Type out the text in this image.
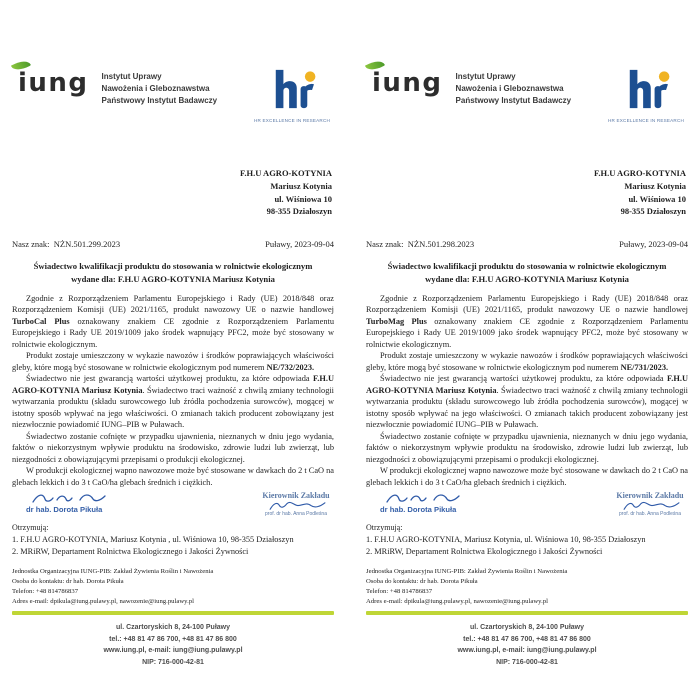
iung Instytut Uprawy
Nawożenia i Gleboznawstwa
Państwowy Instytut Badawczy
HR EXCELLENCE IN RESEARCH
F.H.U AGRO-KOTYNIA
Mariusz Kotynia
ul. Wiśniowa 10
98-355 Działoszyn
Nasz znak: NŻN.501.299.2023	Puławy, 2023-09-04
Świadectwo kwalifikacji produktu do stosowania w rolnictwie ekologicznym
wydane dla: F.H.U AGRO-KOTYNIA Mariusz Kotynia

Zgodnie z Rozporządzeniem Parlamentu Europejskiego i Rady (UE) 2018/848 oraz Rozporządzeniem Komisji (UE) 2021/1165, produkt nawozowy UE o nazwie handlowej TurboCal Plus oznakowany znakiem CE zgodnie z Rozporządzeniem Parlamentu Europejskiego i Rady UE 2019/1009 jako środek wapnujący PFC2, może być stosowany w rolnictwie ekologicznym.

Produkt zostaje umieszczony w wykazie nawozów i środków poprawiających właściwości gleby, które mogą być stosowane w rolnictwie ekologicznym pod numerem NE/732/2023.

Świadectwo nie jest gwarancją wartości użytkowej produktu, za które odpowiada F.H.U AGRO-KOTYNIA Mariusz Kotynia. Świadectwo traci ważność z chwilą zmiany technologii wytwarzania produktu (składu surowcowego lub źródła pochodzenia surowców), mogącej w istotny sposób wpływać na jego właściwości. O zmianach takich producent zobowiązany jest niezwłocznie powiadomić IUNG–PIB w Puławach.

Świadectwo zostanie cofnięte w przypadku ujawnienia, nieznanych w dniu jego wydania, faktów o niekorzystnym wpływie produktu na środowisko, zdrowie ludzi lub zwierząt, lub niezgodności z obowiązującymi przepisami o produkcji ekologicznej.

W produkcji ekologicznej wapno nawozowe może być stosowane w dawkach do 2 t CaO na glebach lekkich i do 3 t CaO/ha glebach średnich i ciężkich.

dr hab. Dorota Pikuła
Kierownik Zakładu
prof. dr hab. Anna Podleśna
Otrzymują:
1. F.H.U AGRO-KOTYNIA, Mariusz Kotynia , ul. Wiśniowa 10, 98-355 Działoszyn
2. MRiRW, Departament Rolnictwa Ekologicznego i Jakości Żywności
Jednostka Organizacyjna IUNG-PIB: Zakład Żywienia Roślin i Nawożenia
Osoba do kontaktu: dr hab. Dorota Pikuła
Telefon: +48 814786837
Adres e-mail: dpikula@iung.pulawy.pl, nawozenie@iung.pulawy.pl
ul. Czartoryskich 8, 24-100 Puławy
tel.: +48 81 47 86 700, +48 81 47 86 800
www.iung.pl, e-mail: iung@iung.pulawy.pl
NIP: 716-000-42-81
iung Instytut Uprawy
Nawożenia i Gleboznawstwa
Państwowy Instytut Badawczy
HR EXCELLENCE IN RESEARCH
F.H.U AGRO-KOTYNIA
Mariusz Kotynia
ul. Wiśniowa 10
98-355 Działoszyn
Nasz znak: NŻN.501.298.2023	Puławy, 2023-09-04
Świadectwo kwalifikacji produktu do stosowania w rolnictwie ekologicznym
wydane dla: F.H.U AGRO-KOTYNIA Mariusz Kotynia

Zgodnie z Rozporządzeniem Parlamentu Europejskiego i Rady (UE) 2018/848 oraz Rozporządzeniem Komisji (UE) 2021/1165, produkt nawozowy UE o nazwie handlowej TurboMag Plus oznakowany znakiem CE zgodnie z Rozporządzeniem Parlamentu Europejskiego i Rady UE 2019/1009 jako środek wapnujący PFC2, może być stosowany w rolnictwie ekologicznym.

Produkt zostaje umieszczony w wykazie nawozów i środków poprawiających właściwości gleby, które mogą być stosowane w rolnictwie ekologicznym pod numerem NE/731/2023.

Świadectwo nie jest gwarancją wartości użytkowej produktu, za które odpowiada F.H.U AGRO-KOTYNIA Mariusz Kotynia. Świadectwo traci ważność z chwilą zmiany technologii wytwarzania produktu (składu surowcowego lub źródła pochodzenia surowców), mogącej w istotny sposób wpływać na jego właściwości. O zmianach takich producent zobowiązany jest niezwłocznie powiadomić IUNG–PIB w Puławach.

Świadectwo zostanie cofnięte w przypadku ujawnienia, nieznanych w dniu jego wydania, faktów o niekorzystnym wpływie produktu na środowisko, zdrowie ludzi lub zwierząt, lub niezgodności z obowiązującymi przepisami o produkcji ekologicznej.

W produkcji ekologicznej wapno nawozowe może być stosowane w dawkach do 2 t CaO na glebach lekkich i do 3 t CaO/ha glebach średnich i ciężkich.

dr hab. Dorota Pikuła
Kierownik Zakładu
prof. dr hab. Anna Podleśna
Otrzymują:
1. F.H.U AGRO-KOTYNIA, Mariusz Kotynia, ul. Wiśniowa 10, 98-355 Działoszyn
2. MRiRW, Departament Rolnictwa Ekologicznego i Jakości Żywności
Jednostka Organizacyjna IUNG-PIB: Zakład Żywienia Roślin i Nawożenia
Osoba do kontaktu: dr hab. Dorota Pikuła
Telefon: +48 814786837
Adres e-mail: dpikula@iung.pulawy.pl, nawozenie@iung.pulawy.pl
ul. Czartoryskich 8, 24-100 Puławy
tel.: +48 81 47 86 700, +48 81 47 86 800
www.iung.pl, e-mail: iung@iung.pulawy.pl
NIP: 716-000-42-81
